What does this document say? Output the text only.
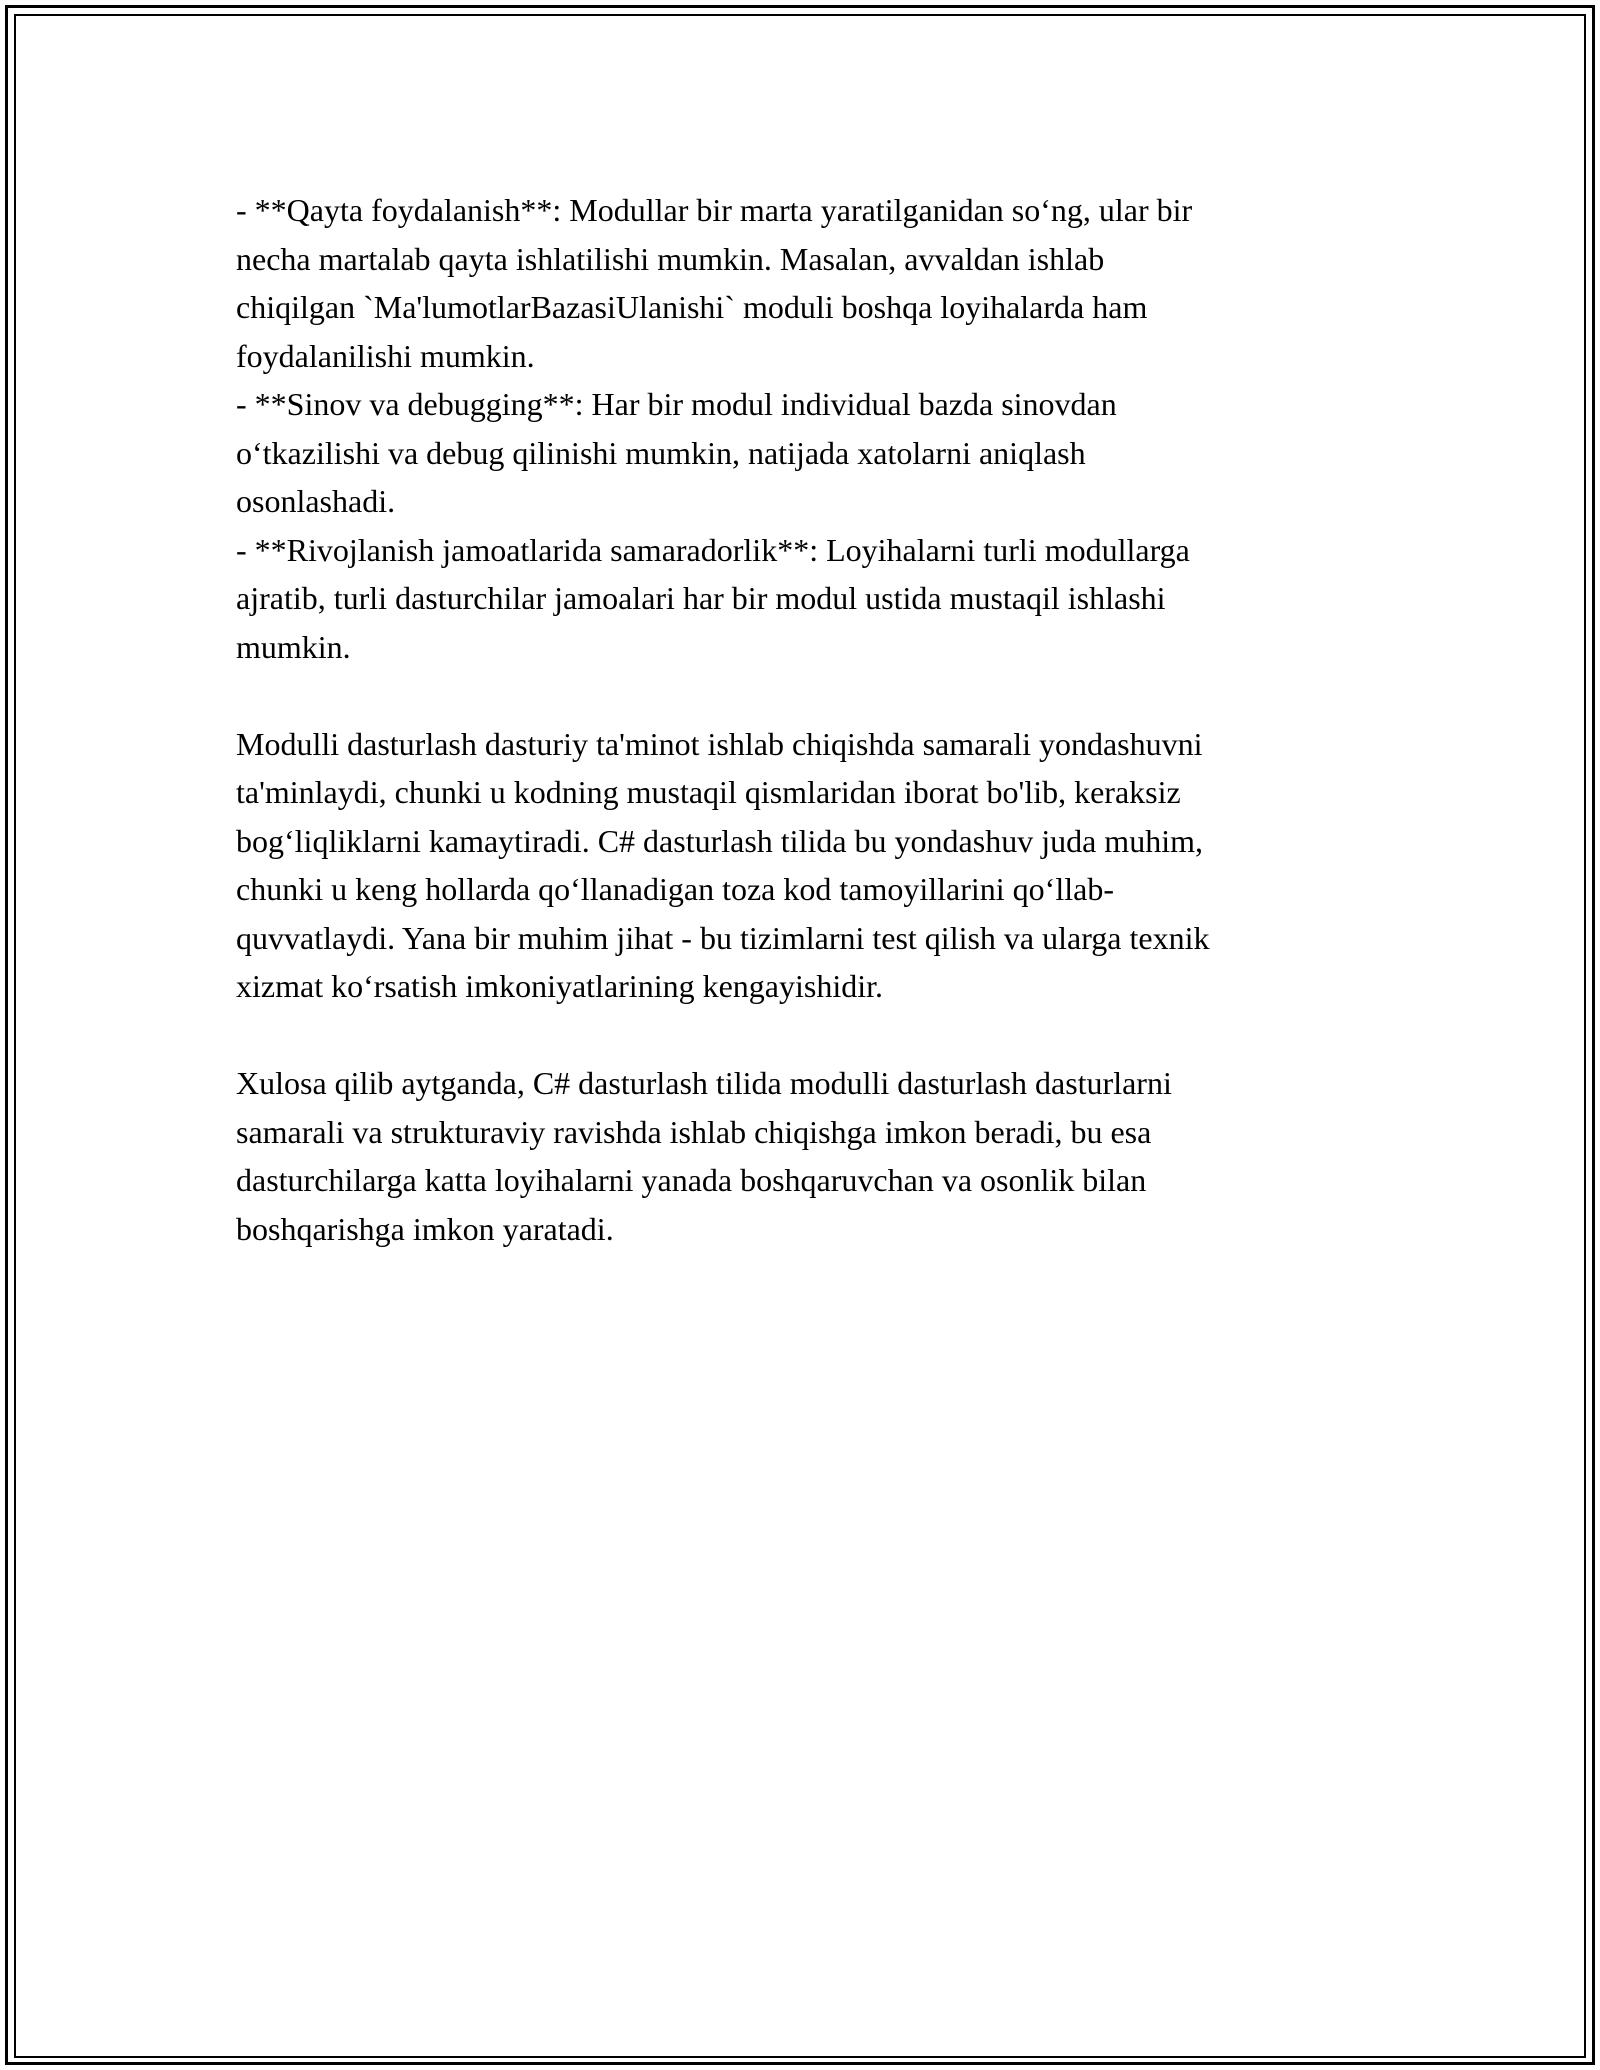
- **Qayta foydalanish**: Modullar bir marta yaratilganidan so‘ng, ular bir
necha martalab qayta ishlatilishi mumkin. Masalan, avvaldan ishlab
chiqilgan `Ma'lumotlarBazasiUlanishi` moduli boshqa loyihalarda ham
foydalanilishi mumkin.
- **Sinov va debugging**: Har bir modul individual bazda sinovdan
o‘tkazilishi va debug qilinishi mumkin, natijada xatolarni aniqlash
osonlashadi.
- **Rivojlanish jamoatlarida samaradorlik**: Loyihalarni turli modullarga
ajratib, turli dasturchilar jamoalari har bir modul ustida mustaqil ishlashi
mumkin.
Modulli dasturlash dasturiy ta'minot ishlab chiqishda samarali yondashuvni
ta'minlaydi, chunki u kodning mustaqil qismlaridan iborat bo'lib, keraksiz
bog‘liqliklarni kamaytiradi. C# dasturlash tilida bu yondashuv juda muhim,
chunki u keng hollarda qo‘llanadigan toza kod tamoyillarini qo‘llab-
quvvatlaydi. Yana bir muhim jihat - bu tizimlarni test qilish va ularga texnik
xizmat ko‘rsatish imkoniyatlarining kengayishidir.
Xulosa qilib aytganda, C# dasturlash tilida modulli dasturlash dasturlarni
samarali va strukturaviy ravishda ishlab chiqishga imkon beradi, bu esa
dasturchilarga katta loyihalarni yanada boshqaruvchan va osonlik bilan
boshqarishga imkon yaratadi.
